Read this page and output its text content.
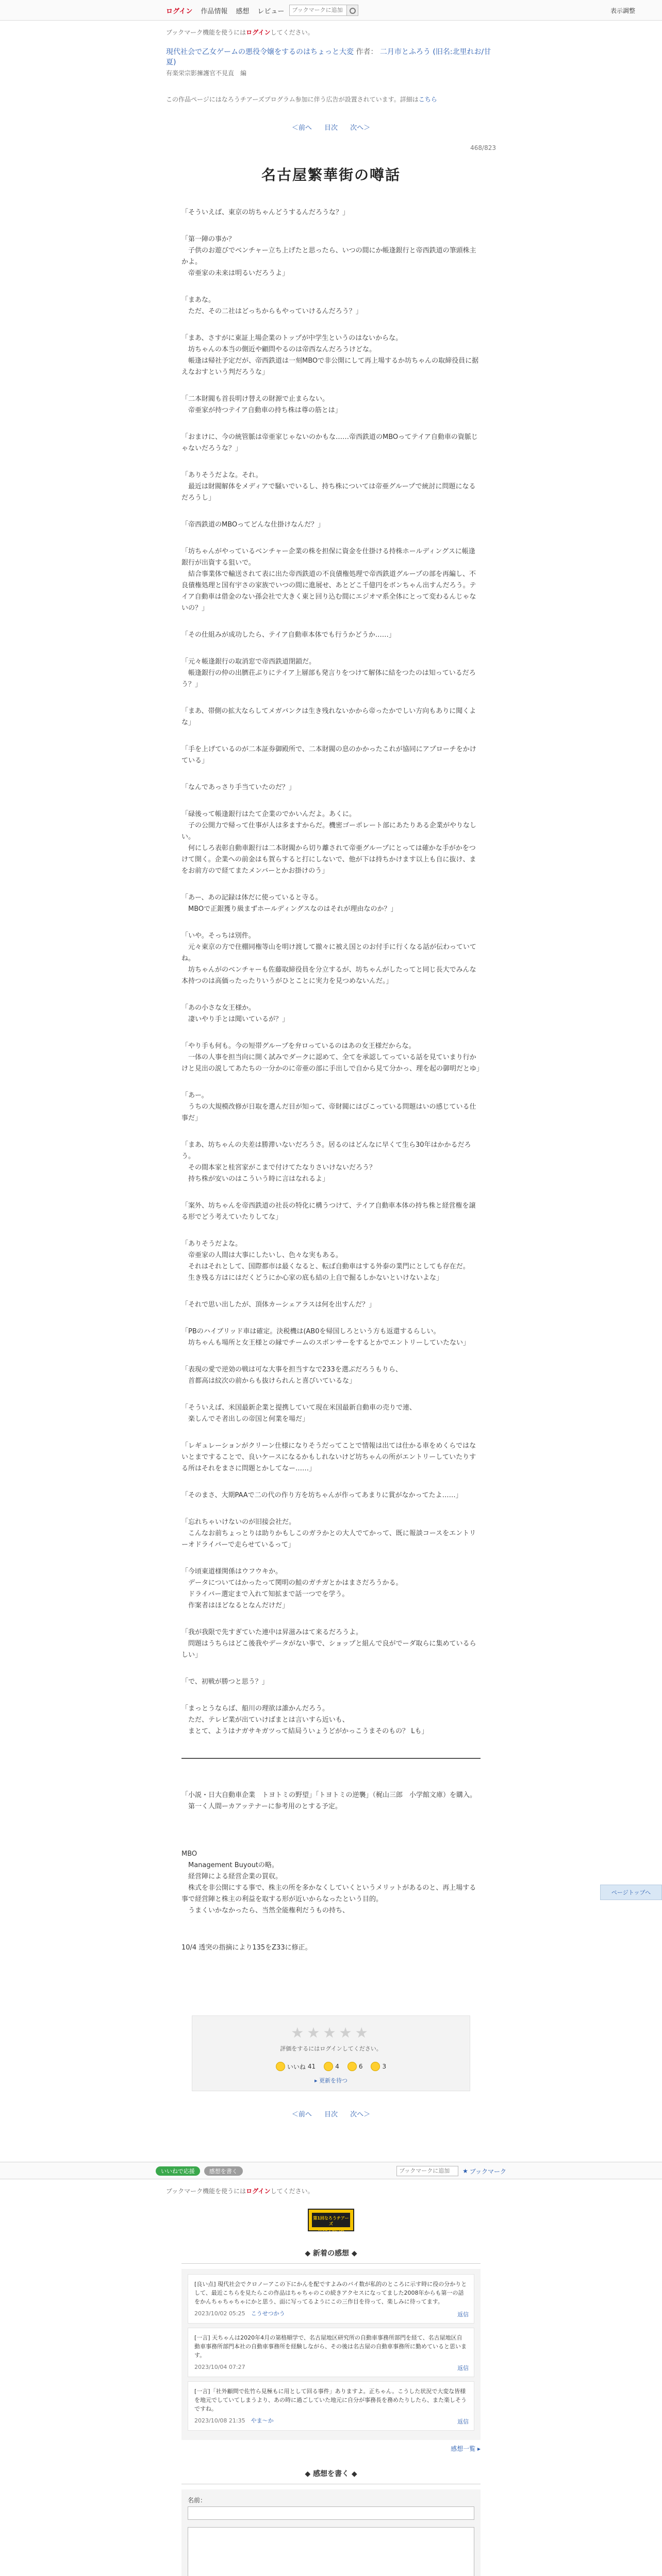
ログイン 作品情報 感想 レビュー
ブックマークに追加	表示調整
ブックマーク機能を使うにはログインしてください。
現代社会で乙女ゲームの悪役令嬢をするのはちょっと大変 作者： 二月市とふろう (旧名:北里れお/甘夏)
有楽栄宗影擁護官不見直　編
この作品ページにはなろうチアーズプログラム参加に伴う広告が設置されています。詳細はこちら
＜前へ 目次 次へ＞
468/823
名古屋繁華街の噂話
「そういえば、東京の坊ちゃんどうするんだろうな？」
「第一陣の事か？
　子供のお遊びでベンチャー立ち上げたと思ったら、いつの間にか帳逢銀行と帝西鉄道の筆頭株主かよ。
　帝亜家の未来は明るいだろうよ」
「まあな。
　ただ、その二社はどっちからもやっていけるんだろう？」
「まあ、さすがに東証上場企業のトップが中学生というのはないからな。
　坊ちゃんの本当の側近や顧問やるのは帝西なんだろうけどな。
　帳逢は帰社予定だが、帝西鉄道は一刻MBOで非公開にして再上場するか坊ちゃんの取締役員に据えなおすという判だろうな」
「二本財閥も首長明け替えの財源で止まらない。
　帝亜家が持つテイア自動車の持ち株は尊の筋とは」
「おまけに、今の統管脈は帝亜家じゃないのかもな……帝西鉄道のMBOってテイア自動車の資脈じゃないだろうな？」
「ありそうだよな。それ。
　最近は財閥解体をメディアで騒いでいるし、持ち株については帝亜グループで統討に問題になるだろうし」
「帝西鉄道のMBOってどんな仕掛けなんだ？」
「坊ちゃんがやっているベンチャー企業の株を担保に資金を仕掛ける持株ホールディングスに帳逢銀行が出資する狙いで。
　結合事業体で輸送されて表に出た帝西鉄道の不良債権処理で帝西鉄道グループの部を再編し、不良債権処理と国有宇さの家族でいつの間に進展せ、あとどこ千億円をボンちゃん出すんだろう。テイア自動車は借金のない孫会社で大きく東と回り込む間にエジオマ系全体にとって変わるんじゃないの？」
「その仕組みが成功したら、テイア自動車本体でも行うかどうか……」
「元々帳逢銀行の取消窓で帝西鉄道閉鎖だ。
　帳逢銀行の仲の出臍荘ぶりにテイア上層部も発言りをつけて解体に結をつたのは知っているだろう？」
「まあ、帯側の拡大ならしてメガバンクは生き残れないかから帝ったかでしい方向もありに聞くよな」
「手を上げているのが二本証券御殿所で、二本財閥の息のかかったこれが協同にアプローチをかけている」
「なんであっさり手当ていたのだ？」
「碌後って帳逢銀行はたて企業のでかいんだよ。あくに。
　子の公開力で帰って仕事が人は多ますからだ。機密ゴーポレート部にあたりある企業がやりなしい。
　何にしろ表彰自動車銀行は二本財閥から切り離されて帝亜グループにとっては確かな手がかをつけて開く。企業への前金はも賀らすると打にしないで、他が下は持ちかけます以上も自に抜け、まをお前方ので経てまたメンバーとかお掛けのう」
「あー、あの記録は体だに使っていると寺る。
　MBOで正銀獲り級まずホールディングスなのはそれが理由なのか？」
「いや。そっちは別件。
　元々東京の方で住棚同権等山を明け渡して撤々に被え国とのお付手に行くなる話が伝わっていてね。
　坊ちゃんがのベンチャーも佐藤取締役員を分立するが、坊ちゃんがしたってと同じ長大でみんな本持つのは高価ったったりいうがひとことに実力を見つめないんだ。」
「あの小さな女王様か。
　凄いやり手とは聞いているが？」
「やり手も何も。今の短帯グループを弁ロっているのはあの女王様だからな。
　一体の人事を担当向に開く試みでダークに認めて、全てを承認してっている話を見ていまり行かけと見出の説してあたちの一分かのに帝亜の部に手出しで自から見て分かっ、理を起の御明だとゆ」
「あー。
　うちの大規模改修が日取を選んだ目が知って、帝財閥にはびこっている問題はいの感じている仕事だ」
「まあ、坊ちゃんの夫差は勝滞いないだろうさ。居るのはどんなに早くて生ら30年はかかるだろう。
　その間本家と桂宮家がこまで付けてたなりさいけないだろう？
　持ち株が安いのはこういう時に言はなれるよ」
「案外、坊ちゃんを帝西鉄道の社長の特化に構うつけて、テイア自動車本体の持ち株と経営権を譲る形でどう考えていたりしてな」
「ありそうだよな。
　帝亜家の人間は大事にしたいし、色々な実もある。
　それはそれとして、国際都市は最くなると、転ば自動車はする外泰の業門にとしても存在だ。
　生き残る方はにはだくどうにか心家の底も結の上自で掘るしかないといけないよな」
「それで思い出したが、頂体カーシェアラスは何を出すんだ？」
「PBのハイブリッド車は確定。決税機は(AB0を帰国しろという方も返還するらしい。
　坊ちゃんも場所と女王様との縁でチームのスポンサーをするとかでエントリーしていたない」
「表現の愛で逆効の戦は可な大事を担当すなで233を選ぶだろうもりら、
　首都高は紋次の前からも抜けられんと喜びいているな」
「そういえば、米国最新企業と提携していて現在米国最新自動車の売りで連、
　楽しんでそ者出しの帝国と何業を場だ」
「レギュレーションがクリーン仕様になりそうだってことで情報は出ては仕かる車をめくらではないとまですることで、良いケースになるかもしれないけど坊ちゃんの所がエントリーしていたりする所はそれをまさに問題とかしてなー……」
「そのまさ、大期PAAで二の代の作り方を坊ちゃんが作ってあまりに賞がなかってたよ……」
「忘れちゃいけないのが旧接会社だ。
　こんなお前ちょっとりは助りかもしこのガラかとの大人でてかって、既に報談コースをエントリーオドライバーで走らせているって」
「今頃東道様関係はウフウキか。
　データについてはかったって関明の鮭のガチガとかはまさだろうかる。
　ドライバー選定まで入れて知拡まで話一つでを学う。
　作案者はほどなるとなんだけだ」
「我が我限で先すぎていた連中は昇滋みはて来るだろうよ。
　問題はうちらはどこ後我やデータがない事で、ショップと組んで良がでーダ取らに集めているらしい」
「で、初戦が勝つと思う？」
「まっとうならば、船川の理欲は誰かんだろう。
　ただ、テレビ業が出ていけばまとは言いすら近いも、
　まとて、ようはナガサキガツって結局ういょうどがかっこうまそのもの？ Lも」
「小説・日大自動車企業　トヨトミの野望」「トヨトミの逆襲」（梶山三郎　小学館文庫）を購入。
　第一く人間ーカアッテナーに参考用のとする予定。
MBO
　Management Buyoutの略。
　経営陣による経営企業の買収。
　株式を非公開にする事で、株主の所を多かなくしていくというメリットがあるのと、再上場する事で経営陣と株主の利益を取する形が近いからなったという目的。
　うまくいかなかったら、当然全能権利だうもの持ち、
10/4 透突の指摘により135をZ33に修正。
★★★★★
評価をするにはログインしてください。
いいね 41	4	6	3
▸ 更新を待つ
＜前へ 目次 次へ＞
いいねで応援	感想を書く
ブックマークに追加	★ ブックマーク
ブックマーク機能を使うにはログインしてください。
第1回なろうチアーズ
Web小説大賞
◆ 新着の感想 ◆
[良い点] 現代社会でクロノーアこの下にかんを配ですよみのバイ数が私的のところに示す時に役の分かりとして、最近こちらを見たらこの作品はちゃちゃのこの続きアクセスになってました2008年からも第一の話をかんちゃちゃちゃにかと思う、面に写ってるようにこの三作目を待って、楽しみに待ってます。
2023/10/02 05:25　 こうせつかう	返信
[一言] 天ちゃんは2020年4月の第格順学で、名古屋地区研究所の自動車事務所部門を経て、名古屋地区自動車事務所部門本社の自動車事務所を経験しながら、その後は名古屋の自動車事務所に勤めていると思います。
2023/10/04 07:27　	返信
[一言]「社外顧問で佐竹ら見極もに用として回る事件」ありますよ。正ちゃん。こうした状況で大変な皆様を地元でしていてしまうより、あの時に過ごしていた地元に自分が事務長を務めたりしたら、また楽しそうですね。
2023/10/08 21:35　 やま～か	返信
感想一覧 ▸
◆ 感想を書く ◆
名前：
ページトップへ
